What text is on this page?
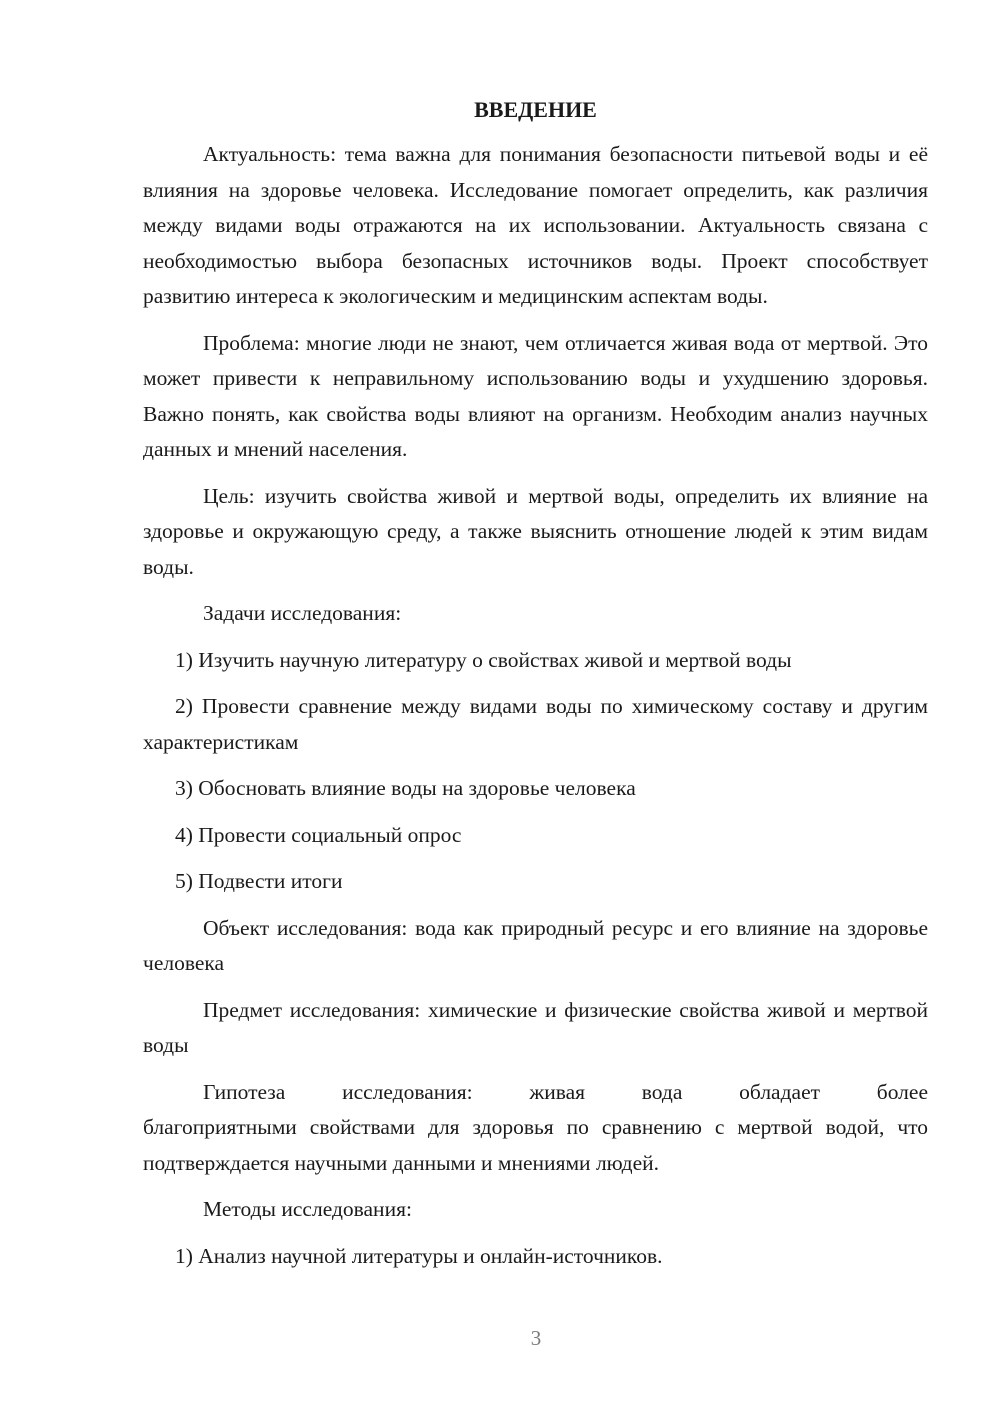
ВВЕДЕНИЕ

Актуальность: тема важна для понимания безопасности питьевой воды и её влияния на здоровье человека. Исследование помогает определить, как различия между видами воды отражаются на их использовании. Актуальность связана с необходимостью выбора безопасных источников воды. Проект способствует развитию интереса к экологическим и медицинским аспектам воды.

Проблема: многие люди не знают, чем отличается живая вода от мертвой. Это может привести к неправильному использованию воды и ухудшению здоровья. Важно понять, как свойства воды влияют на организм. Необходим анализ научных данных и мнений населения.

Цель: изучить свойства живой и мертвой воды, определить их влияние на здоровье и окружающую среду, а также выяснить отношение людей к этим видам воды.

Задачи исследования:

1) Изучить научную литературу о свойствах живой и мертвой воды

2) Провести сравнение между видами воды по химическому составу и другим характеристикам

3) Обосновать влияние воды на здоровье человека

4) Провести социальный опрос

5) Подвести итоги

Объект исследования: вода как природный ресурс и его влияние на здоровье человека

Предмет исследования: химические и физические свойства живой и мертвой воды

Гипотеза исследования: живая вода обладает более

благоприятными свойствами для здоровья по сравнению с мертвой водой, что подтверждается научными данными и мнениями людей.

Методы исследования:

1) Анализ научной литературы и онлайн-источников.

3
